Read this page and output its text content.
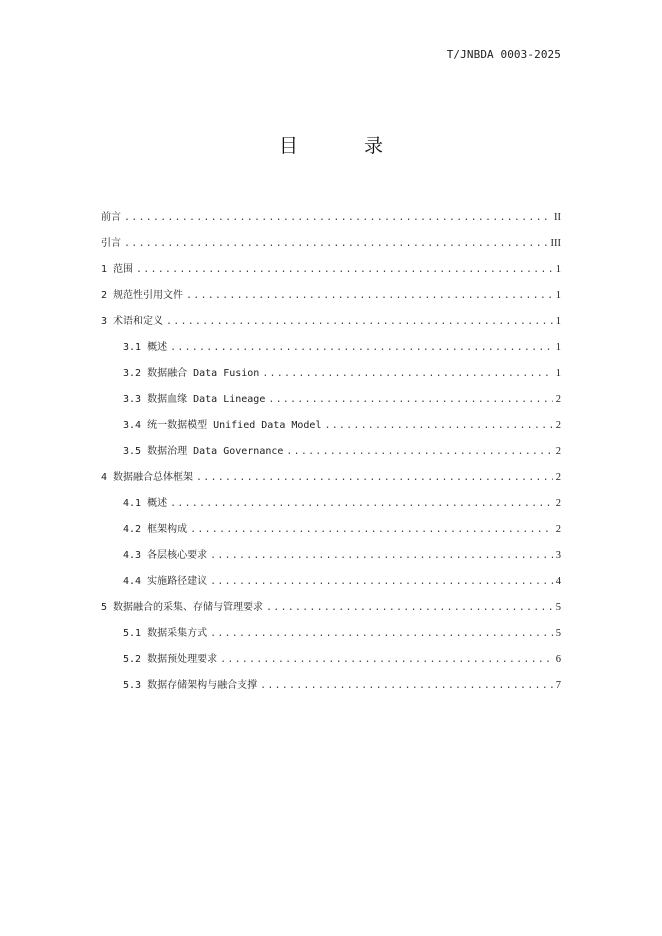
T/JNBDA 0003-2025
目 录
前言 .....	II
引言 .....	III
1 范围 .....	1
2 规范性引用文件 .....	1
3 术语和定义 .....	1
3.1 概述 .....	1
3.2 数据融合 Data Fusion .....	1
3.3 数据血缘 Data Lineage .....	2
3.4 统一数据模型 Unified Data Model .....	2
3.5 数据治理 Data Governance .....	2
4 数据融合总体框架 .....	2
4.1 概述 .....	2
4.2 框架构成 .....	2
4.3 各层核心要求 .....	3
4.4 实施路径建议 .....	4
5 数据融合的采集、存储与管理要求 .....	5
5.1 数据采集方式 .....	5
5.2 数据预处理要求 .....	6
5.3 数据存储架构与融合支撑 .....	7
